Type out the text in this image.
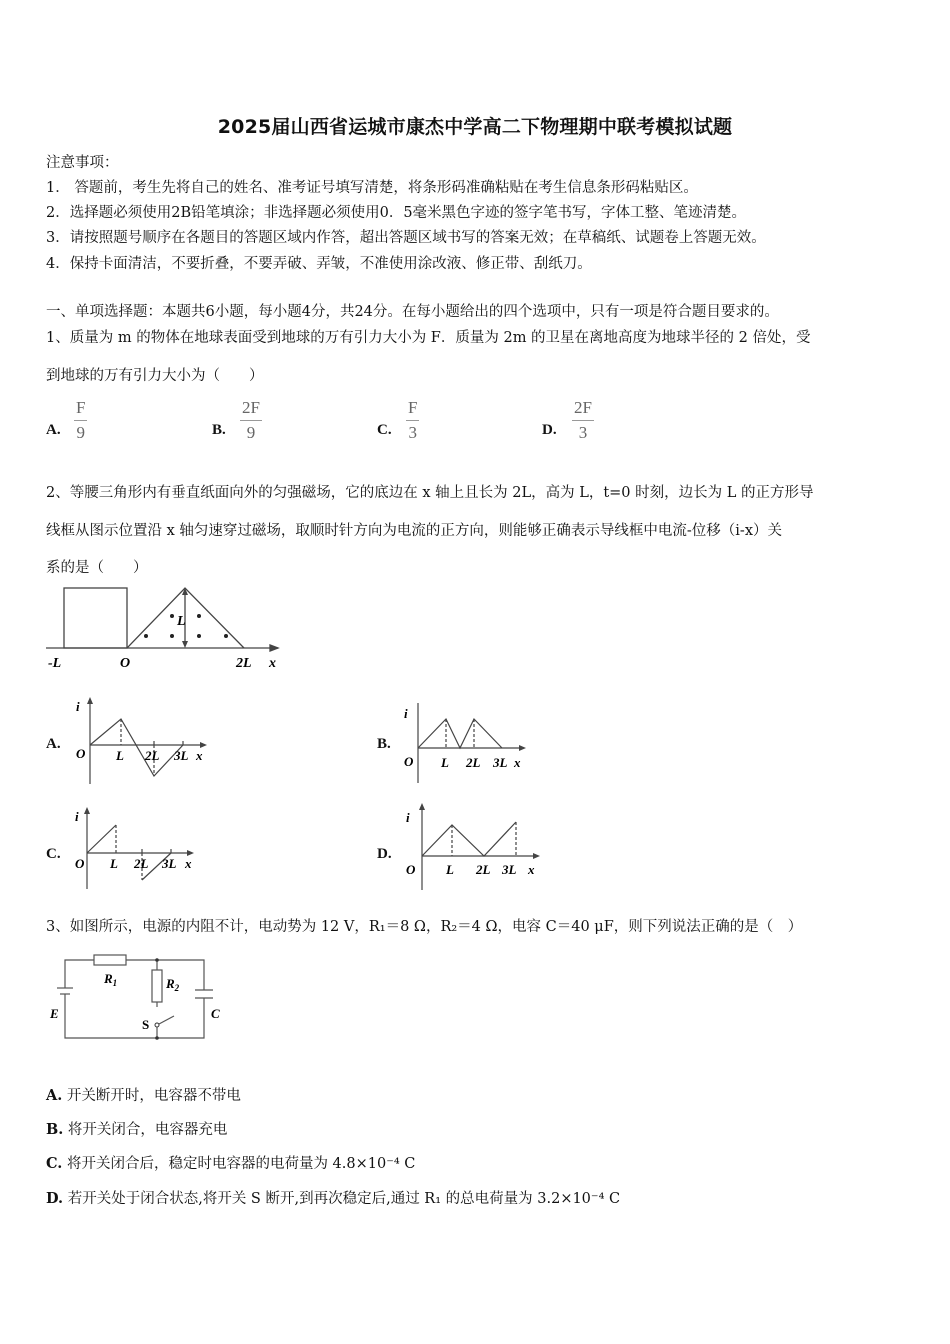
2025届山西省运城市康杰中学高二下物理期中联考模拟试题
注意事项：
1． 答题前，考生先将自己的姓名、准考证号填写清楚，将条形码准确粘贴在考生信息条形码粘贴区。
2．选择题必须使用2B铅笔填涂；非选择题必须使用0．5毫米黑色字迹的签字笔书写，字体工整、笔迹清楚。
3．请按照题号顺序在各题目的答题区域内作答，超出答题区域书写的答案无效；在草稿纸、试题卷上答题无效。
4．保持卡面清洁，不要折叠，不要弄破、弄皱，不准使用涂改液、修正带、刮纸刀。
一、单项选择题：本题共6小题，每小题4分，共24分。在每小题给出的四个选项中，只有一项是符合题目要求的。
1、质量为 m 的物体在地球表面受到地球的万有引力大小为 F．质量为 2m 的卫星在离地高度为地球半径的 2 倍处，受
到地球的万有引力大小为（　　）
A. $\frac{F}{9}$	B. $\frac{2F}{9}$	C. $\frac{F}{3}$	D. $\frac{2F}{3}$
2、等腰三角形内有垂直纸面向外的匀强磁场，它的底边在 x 轴上且长为 2L，高为 L，t=0 时刻，边长为 L 的正方形导
线框从图示位置沿 x 轴匀速穿过磁场，取顺时针方向为电流的正方向，则能够正确表示导线框中电流-位移（i-x）关
系的是（　　）
-L	O	2L x
L
A.
i
O L 2L 3L x
B.
i
O L 2L 3L x
C.
i
O L 2L 3L x
D.
i
O L 2L 3L x
3、如图所示，电源的内阻不计，电动势为 12 V，R₁＝8 Ω，R₂＝4 Ω，电容 C＝40 μF，则下列说法正确的是（　）
$R_1$	$R_2$
E	C
S
A. 开关断开时，电容器不带电
B. 将开关闭合，电容器充电
C. 将开关闭合后，稳定时电容器的电荷量为 4.8×10⁻⁴ C
D. 若开关处于闭合状态,将开关 S 断开,到再次稳定后,通过 R₁ 的总电荷量为 3.2×10⁻⁴ C
